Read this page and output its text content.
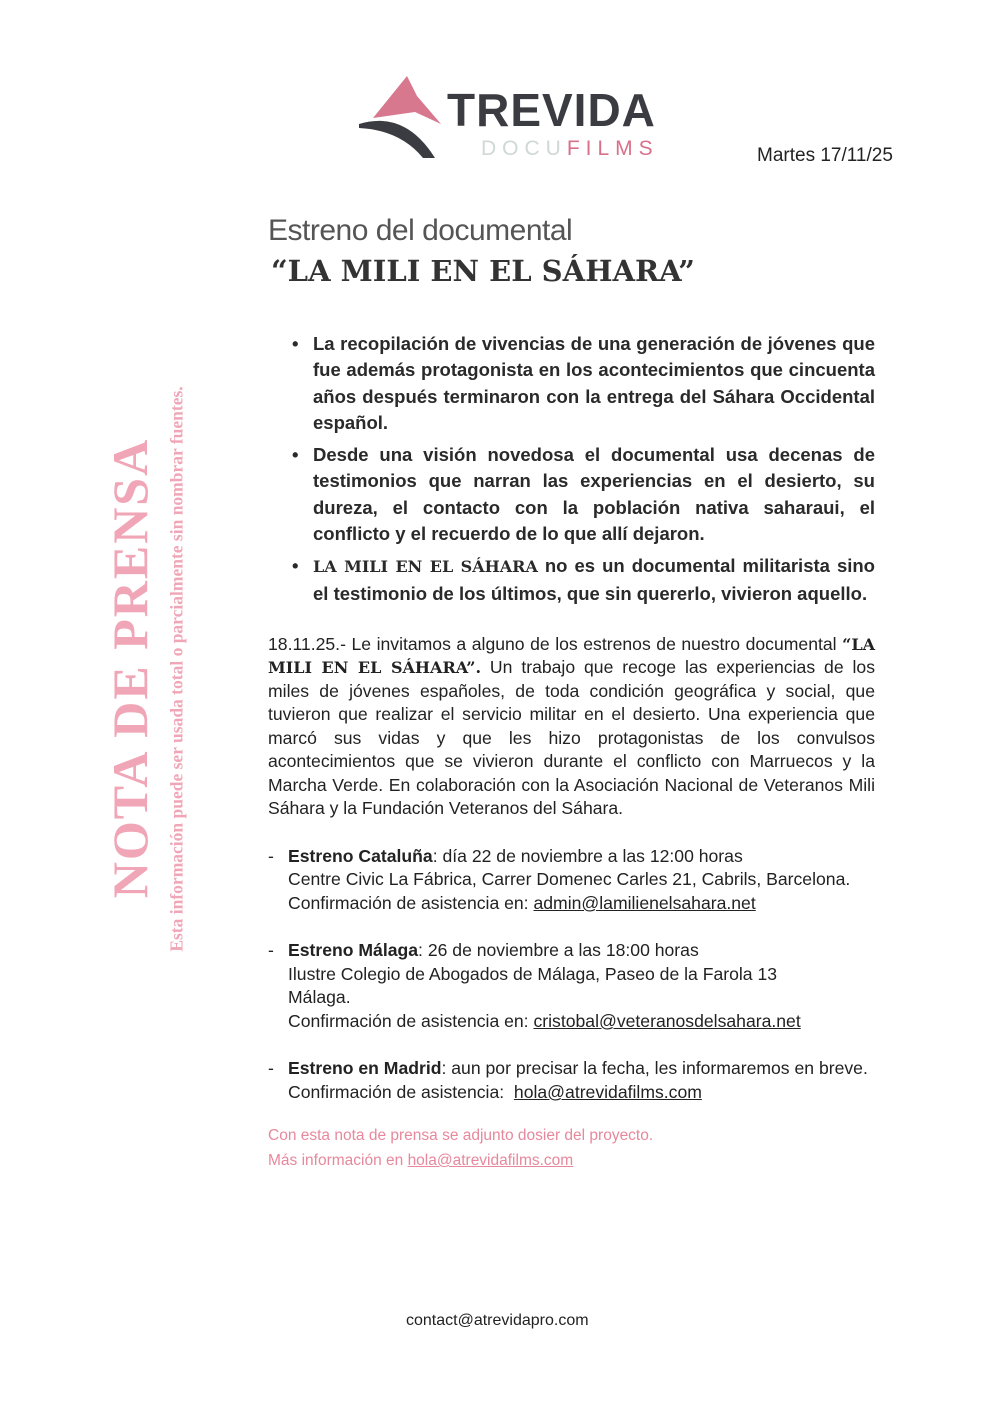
TREVIDA
DOCUFILMS	Martes 17/11/25
Estreno del documental
“LA MILI EN EL SÁHARA”
NOTA DE PRENSA Esta información puede ser usada total o parcialmente sin nombrar fuentes.
• La recopilación de vivencias de una generación de jóvenes que fue además protagonista en los acontecimientos que cincuenta años después terminaron con la entrega del Sáhara Occidental español.
• Desde una visión novedosa el documental usa decenas de testimonios que narran las experiencias en el desierto, su dureza, el contacto con la población nativa saharaui, el conflicto y el recuerdo de lo que allí dejaron.
• LA MILI EN EL SÁHARA no es un documental militarista sino el testimonio de los últimos, que sin quererlo, vivieron aquello.
18.11.25.- Le invitamos a alguno de los estrenos de nuestro documental “LA MILI EN EL SÁHARA”. Un trabajo que recoge las experiencias de los miles de jóvenes españoles, de toda condición geográfica y social, que tuvieron que realizar el servicio militar en el desierto. Una experiencia que marcó sus vidas y que les hizo protagonistas de los convulsos acontecimientos que se vivieron durante el conflicto con Marruecos y la Marcha Verde. En colaboración con la Asociación Nacional de Veteranos Mili Sáhara y la Fundación Veteranos del Sáhara.
- Estreno Cataluña: día 22 de noviembre a las 12:00 horas
Centre Civic La Fábrica, Carrer Domenec Carles 21, Cabrils, Barcelona.
Confirmación de asistencia en: admin@lamilienelsahara.net
- Estreno Málaga: 26 de noviembre a las 18:00 horas
Ilustre Colegio de Abogados de Málaga, Paseo de la Farola 13
Málaga.
Confirmación de asistencia en: cristobal@veteranosdelsahara.net
- Estreno en Madrid: aun por precisar la fecha, les informaremos en breve.
Confirmación de asistencia:  hola@atrevidafilms.com
Con esta nota de prensa se adjunto dosier del proyecto.
Más información en hola@atrevidafilms.com
contact@atrevidapro.com
